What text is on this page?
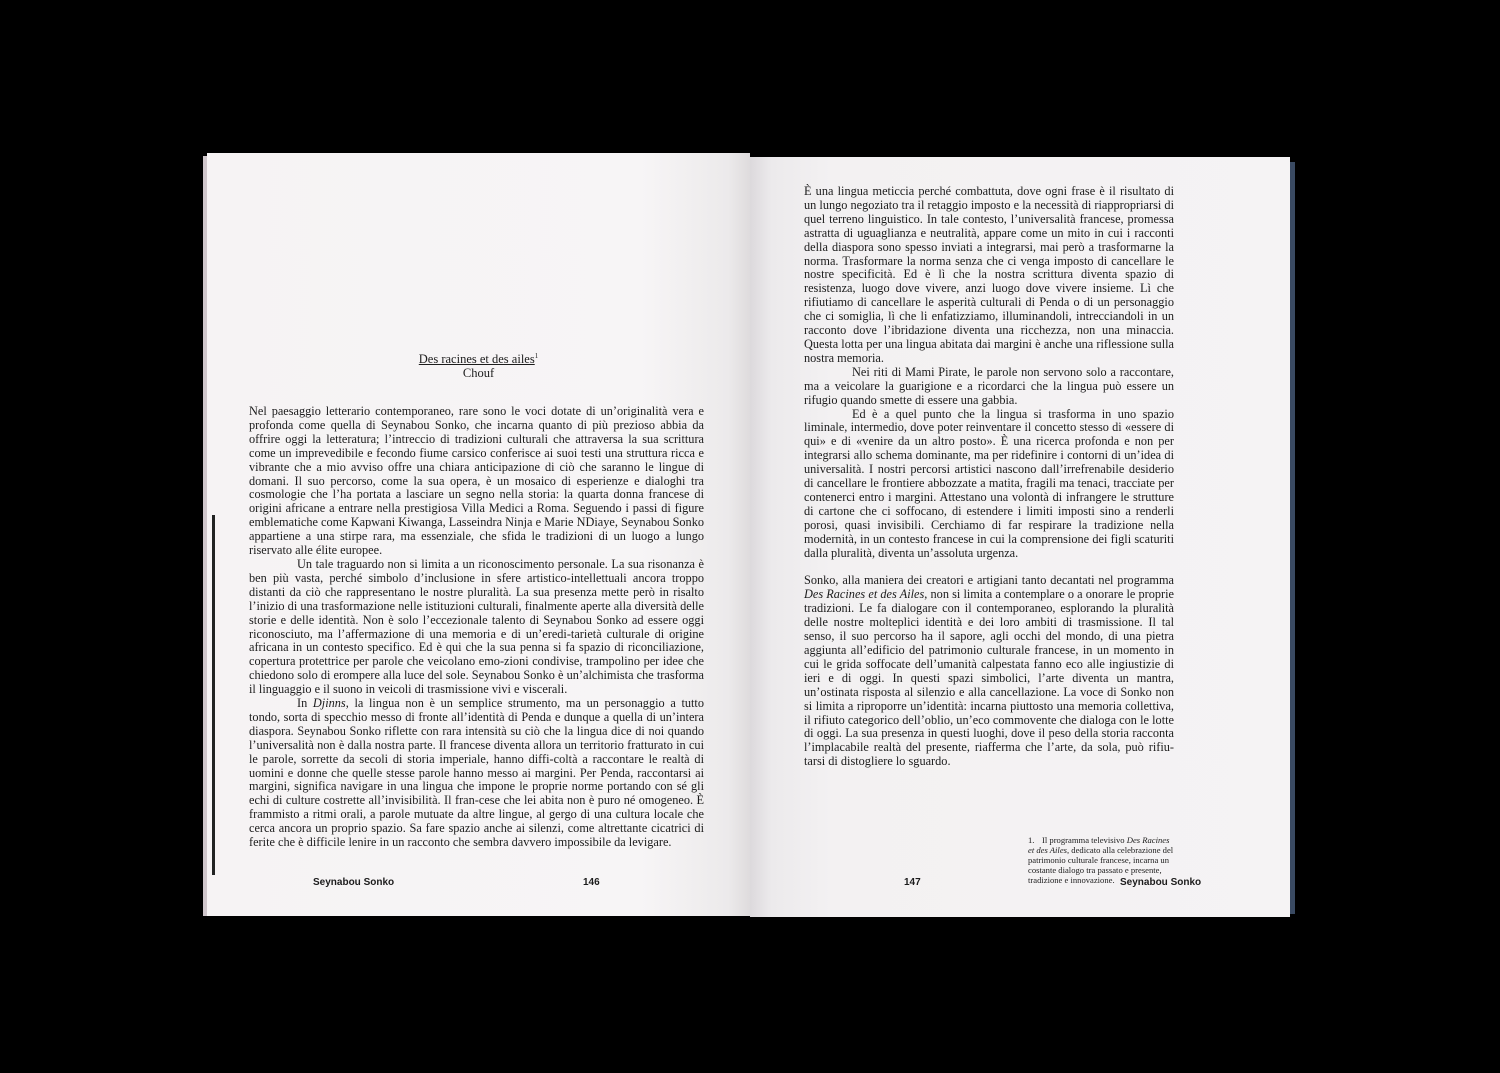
Des racines et des ailes$^1$
Chouf

Nel paesaggio letterario contemporaneo, rare sono le voci dotate di un’originalità vera e profonda come quella di Seynabou Sonko, che incarna quanto di più prezioso abbia da offrire oggi la letteratura; l’intreccio di tradizioni culturali che attraversa la sua scrittura come un imprevedibile e fecondo fiume carsico conferisce ai suoi testi una struttura ricca e vibrante che a mio avviso offre una chiara anticipazione di ciò che saranno le lingue di domani. Il suo percorso, come la sua opera, è un mosaico di esperienze e dialoghi tra cosmologie che l’ha portata a lasciare un segno nella storia: la quarta donna francese di origini africane a entrare nella prestigiosa Villa Medici a Roma. Seguendo i passi di figure emblematiche come Kapwani Kiwanga, Lasseindra Ninja e Marie NDiaye, Seynabou Sonko appartiene a una stirpe rara, ma essenziale, che sfida le tradizioni di un luogo a lungo riservato alle élite europee.

Un tale traguardo non si limita a un riconoscimento personale. La sua risonanza è ben più vasta, perché simbolo d’inclusione in sfere artistico-intellettuali ancora troppo distanti da ciò che rappresentano le nostre pluralità. La sua presenza mette però in risalto l’inizio di una trasformazione nelle istituzioni culturali, finalmente aperte alla diversità delle storie e delle identità. Non è solo l’eccezionale talento di Seynabou Sonko ad essere oggi riconosciuto, ma l’affermazione di una memoria e di un’eredi-tarietà culturale di origine africana in un contesto specifico. Ed è qui che la sua penna si fa spazio di riconciliazione, copertura protettrice per parole che veicolano emo-zioni condivise, trampolino per idee che chiedono solo di erompere alla luce del sole. Seynabou Sonko è un’alchimista che trasforma il linguaggio e il suono in veicoli di trasmissione vivi e viscerali.

In Djinns, la lingua non è un semplice strumento, ma un personaggio a tutto tondo, sorta di specchio messo di fronte all’identità di Penda e dunque a quella di un’intera diaspora. Seynabou Sonko riflette con rara intensità su ciò che la lingua dice di noi quando l’universalità non è dalla nostra parte. Il francese diventa allora un territorio fratturato in cui le parole, sorrette da secoli di storia imperiale, hanno diffi-coltà a raccontare le realtà di uomini e donne che quelle stesse parole hanno messo ai margini. Per Penda, raccontarsi ai margini, significa navigare in una lingua che impone le proprie norme portando con sé gli echi di culture costrette all’invisibilità. Il fran-cese che lei abita non è puro né omogeneo. È frammisto a ritmi orali, a parole mutuate da altre lingue, al gergo di una cultura locale che cerca ancora un proprio spazio. Sa fare spazio anche ai silenzi, come altrettante cicatrici di ferite che è difficile lenire in un racconto che sembra davvero impossibile da levigare.

Seynabou Sonko	146

È una lingua meticcia perché combattuta, dove ogni frase è il risultato di un lungo negoziato tra il retaggio imposto e la necessità di riappropriarsi di quel terreno linguistico. In tale contesto, l’universalità francese, promessa astratta di uguaglianza e neutralità, appare come un mito in cui i racconti della diaspora sono spesso inviati a integrarsi, mai però a trasformarne la norma. Trasformare la norma senza che ci venga imposto di cancellare le nostre specificità. Ed è lì che la nostra scrittura diventa spazio di resistenza, luogo dove vivere, anzi luogo dove vivere insieme. Lì che rifiutiamo di cancellare le asperità culturali di Penda o di un personaggio che ci somiglia, lì che li enfatizziamo, illuminandoli, intrecciandoli in un racconto dove l’ibridazione diventa una ricchezza, non una minaccia. Questa lotta per una lingua abitata dai margini è anche una riflessione sulla nostra memoria.

Nei riti di Mami Pirate, le parole non servono solo a raccontare, ma a veicolare la guarigione e a ricordarci che la lingua può essere un rifugio quando smette di essere una gabbia.

Ed è a quel punto che la lingua si trasforma in uno spazio liminale, intermedio, dove poter reinventare il concetto stesso di «essere di qui» e di «venire da un altro posto». È una ricerca profonda e non per integrarsi allo schema dominante, ma per ridefinire i contorni di un’idea di universalità. I nostri percorsi artistici nascono dall’irrefrenabile desiderio di cancellare le frontiere abbozzate a matita, fragili ma tenaci, tracciate per contenerci entro i margini. Attestano una volontà di infrangere le strutture di cartone che ci soffocano, di estendere i limiti imposti sino a renderli porosi, quasi invisibili. Cerchiamo di far respirare la tradizione nella modernità, in un contesto francese in cui la comprensione dei figli scaturiti dalla pluralità, diventa un’assoluta urgenza.

Sonko, alla maniera dei creatori e artigiani tanto decantati nel programma Des Racines et des Ailes, non si limita a contemplare o a onorare le proprie tradizioni. Le fa dialogare con il contemporaneo, esplorando la pluralità delle nostre molteplici identità e dei loro ambiti di trasmissione. Il tal senso, il suo percorso ha il sapore, agli occhi del mondo, di una pietra aggiunta all’edificio del patrimonio culturale francese, in un momento in cui le grida soffocate dell’umanità calpestata fanno eco alle ingiustizie di ieri e di oggi. In questi spazi simbolici, l’arte diventa un mantra, un’ostinata risposta al silenzio e alla cancellazione. La voce di Sonko non si limita a riproporre un’identità: incarna piuttosto una memoria collettiva, il rifiuto categorico dell’oblio, un’eco commovente che dialoga con le lotte di oggi. La sua presenza in questi luoghi, dove il peso della storia racconta l’implacabile realtà del presente, riafferma che l’arte, da sola, può rifiu-tarsi di distogliere lo sguardo.

1. Il programma televisivo Des Racines et des Ailes, dedicato alla celebrazione del patrimonio culturale francese, incarna un costante dialogo tra passato e presente, tradizione e innovazione.
147	Seynabou Sonko
